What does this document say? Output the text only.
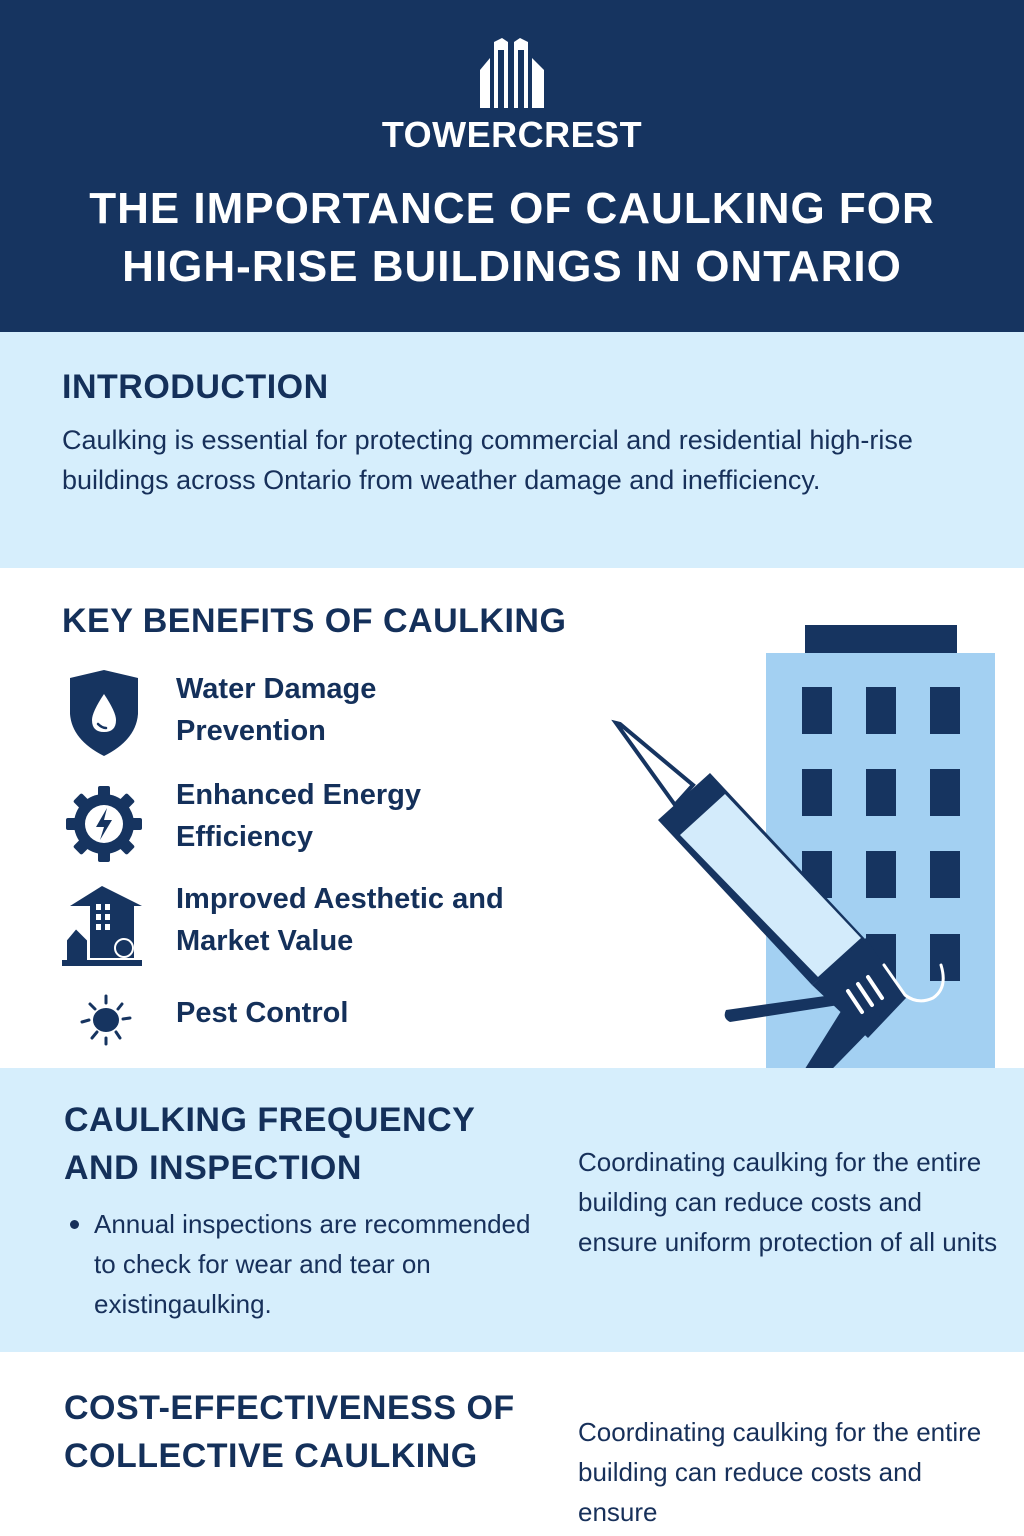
TOWERCREST
THE IMPORTANCE OF CAULKING FOR
HIGH-RISE BUILDINGS IN ONTARIO
INTRODUCTION
Caulking is essential for protecting commercial and residential high-rise buildings across Ontario from weather damage and inefficiency.
KEY BENEFITS OF CAULKING
Water Damage
Prevention
Enhanced Energy
Efficiency
Improved Aesthetic and
Market Value
Pest Control
CAULKING FREQUENCY
AND INSPECTION
Annual inspections are recommended to check for wear and tear on existingaulking.
Coordinating caulking for the entire building can reduce costs and ensure uniform protection of all units
COST-EFFECTIVENESS OF
COLLECTIVE CAULKING
Coordinating caulking for the entire building can reduce costs and ensure
